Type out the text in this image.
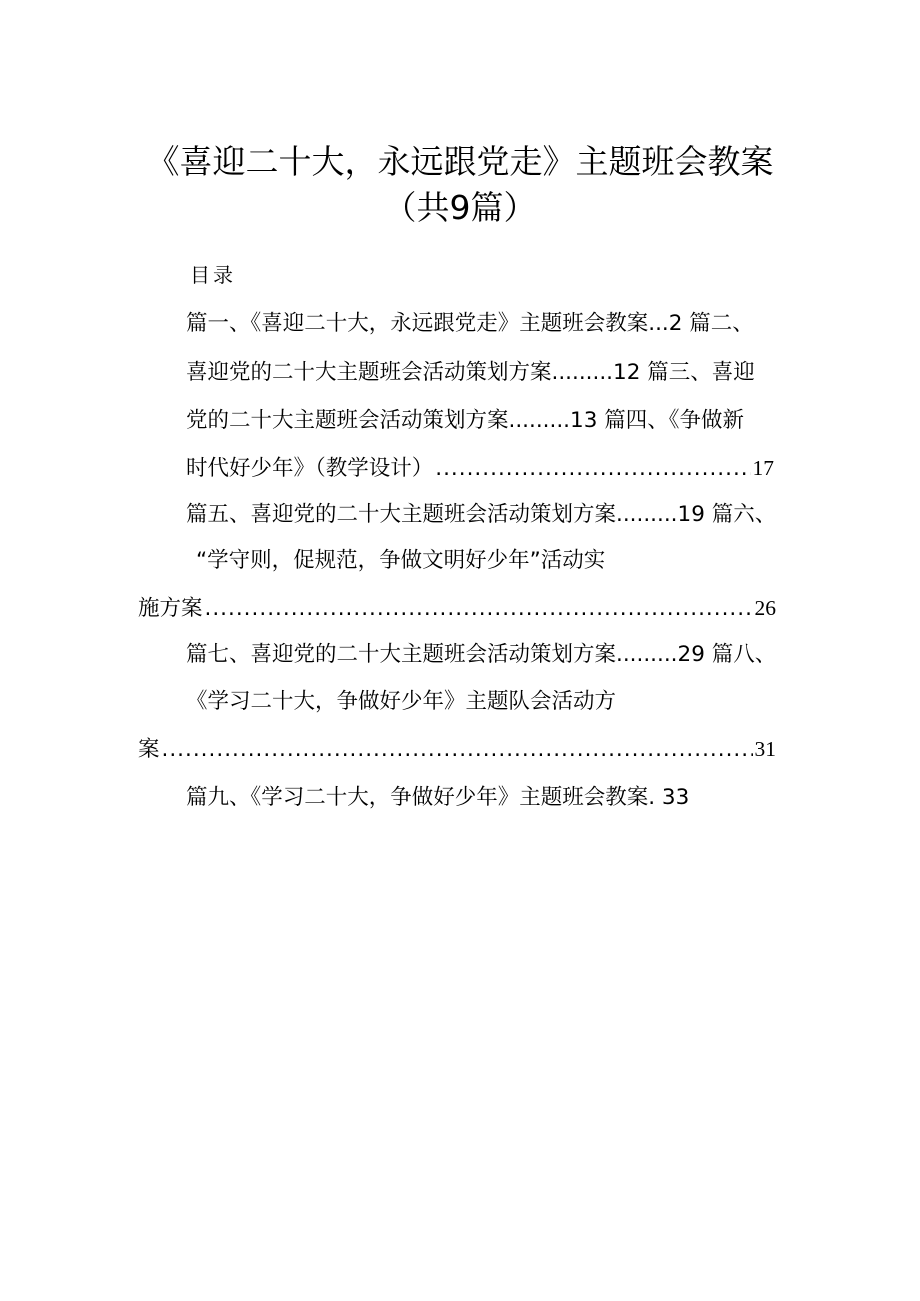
《喜迎二十大，永远跟党走》主题班会教案
（共9篇）
目录
篇一、《喜迎二十大，永远跟党走》主题班会教案...2 篇二、
喜迎党的二十大主题班会活动策划方案.........12 篇三、喜迎
党的二十大主题班会活动策划方案.........13 篇四、《争做新
时代好少年》（教学设计） .....	17
篇五、喜迎党的二十大主题班会活动策划方案.........19 篇六、
“学守则，促规范，争做文明好少年”活动实
施方案 .....	26
篇七、喜迎党的二十大主题班会活动策划方案.........29 篇八、
《学习二十大，争做好少年》主题队会活动方
案 .....	31
篇九、《学习二十大，争做好少年》主题班会教案. 33
